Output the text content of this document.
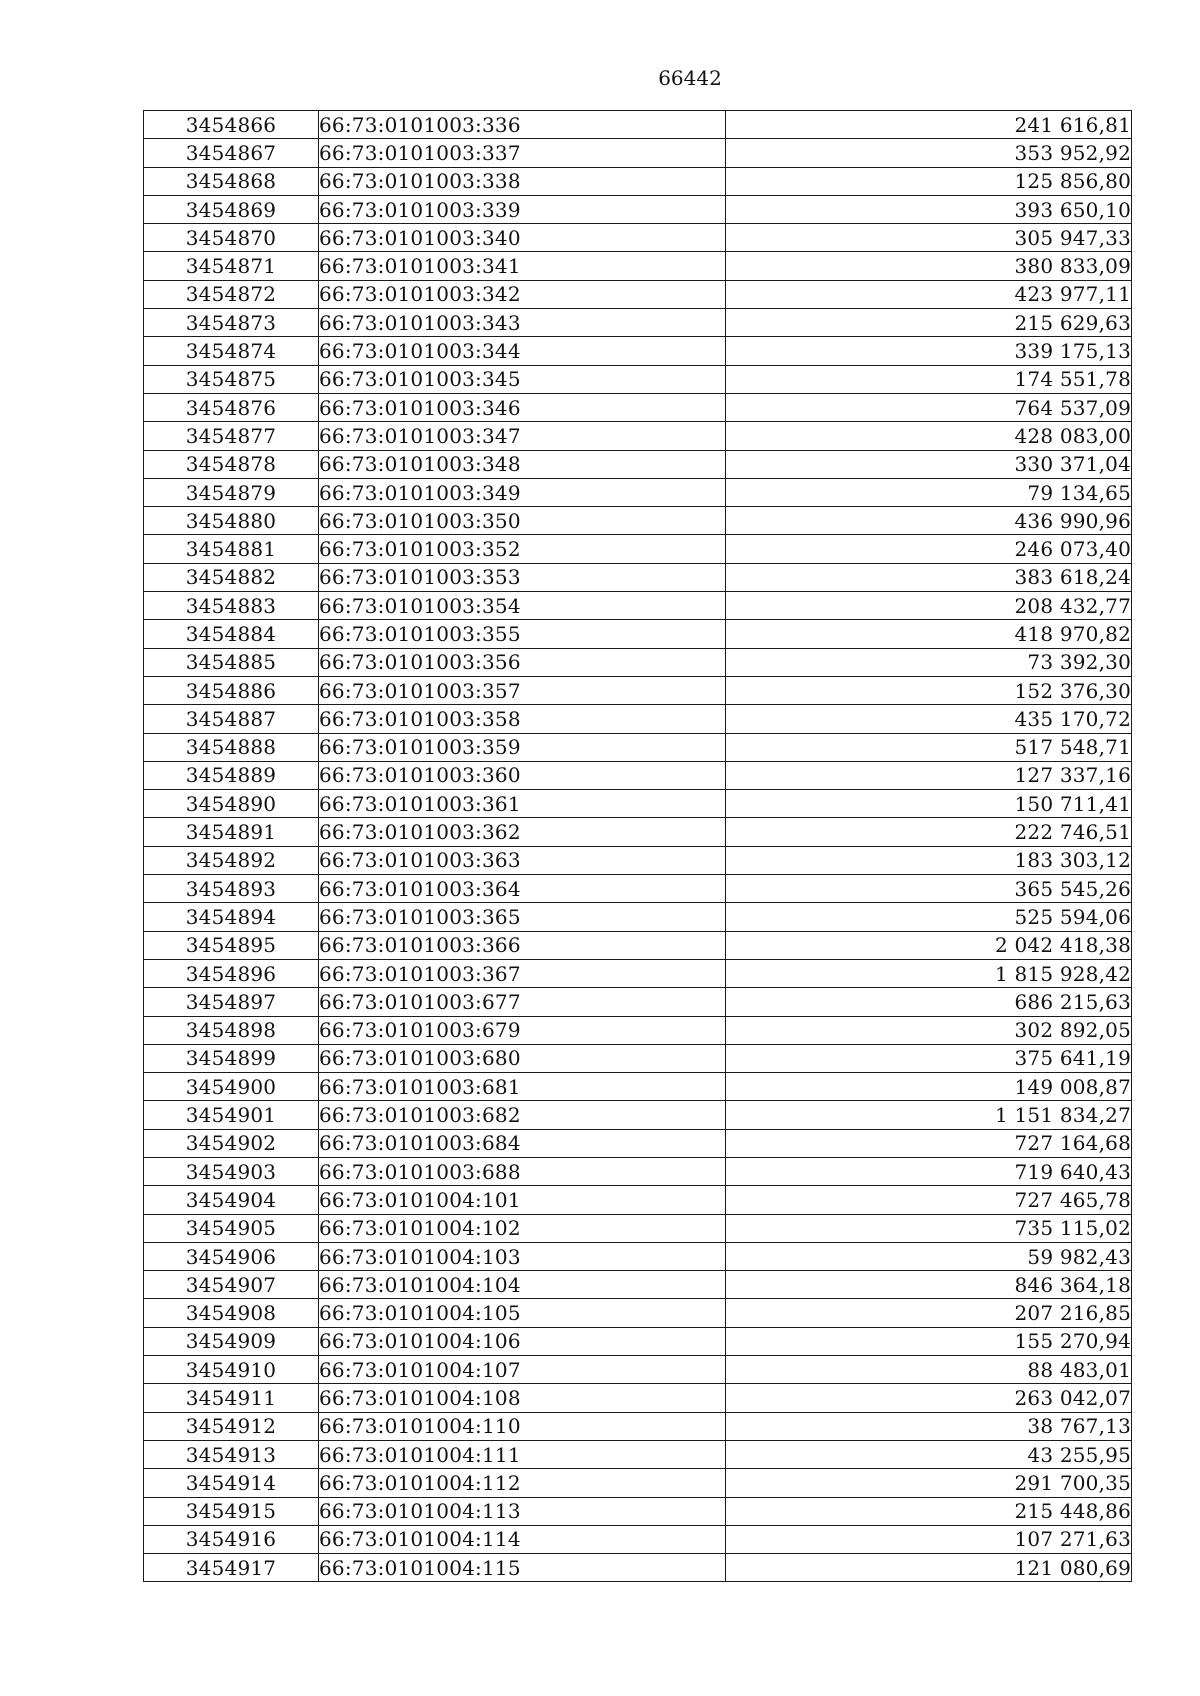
66442
3454866	66:73:0101003:336	241 616,81
3454867	66:73:0101003:337	353 952,92
3454868	66:73:0101003:338	125 856,80
3454869	66:73:0101003:339	393 650,10
3454870	66:73:0101003:340	305 947,33
3454871	66:73:0101003:341	380 833,09
3454872	66:73:0101003:342	423 977,11
3454873	66:73:0101003:343	215 629,63
3454874	66:73:0101003:344	339 175,13
3454875	66:73:0101003:345	174 551,78
3454876	66:73:0101003:346	764 537,09
3454877	66:73:0101003:347	428 083,00
3454878	66:73:0101003:348	330 371,04
3454879	66:73:0101003:349	79 134,65
3454880	66:73:0101003:350	436 990,96
3454881	66:73:0101003:352	246 073,40
3454882	66:73:0101003:353	383 618,24
3454883	66:73:0101003:354	208 432,77
3454884	66:73:0101003:355	418 970,82
3454885	66:73:0101003:356	73 392,30
3454886	66:73:0101003:357	152 376,30
3454887	66:73:0101003:358	435 170,72
3454888	66:73:0101003:359	517 548,71
3454889	66:73:0101003:360	127 337,16
3454890	66:73:0101003:361	150 711,41
3454891	66:73:0101003:362	222 746,51
3454892	66:73:0101003:363	183 303,12
3454893	66:73:0101003:364	365 545,26
3454894	66:73:0101003:365	525 594,06
3454895	66:73:0101003:366	2 042 418,38
3454896	66:73:0101003:367	1 815 928,42
3454897	66:73:0101003:677	686 215,63
3454898	66:73:0101003:679	302 892,05
3454899	66:73:0101003:680	375 641,19
3454900	66:73:0101003:681	149 008,87
3454901	66:73:0101003:682	1 151 834,27
3454902	66:73:0101003:684	727 164,68
3454903	66:73:0101003:688	719 640,43
3454904	66:73:0101004:101	727 465,78
3454905	66:73:0101004:102	735 115,02
3454906	66:73:0101004:103	59 982,43
3454907	66:73:0101004:104	846 364,18
3454908	66:73:0101004:105	207 216,85
3454909	66:73:0101004:106	155 270,94
3454910	66:73:0101004:107	88 483,01
3454911	66:73:0101004:108	263 042,07
3454912	66:73:0101004:110	38 767,13
3454913	66:73:0101004:111	43 255,95
3454914	66:73:0101004:112	291 700,35
3454915	66:73:0101004:113	215 448,86
3454916	66:73:0101004:114	107 271,63
3454917	66:73:0101004:115	121 080,69
